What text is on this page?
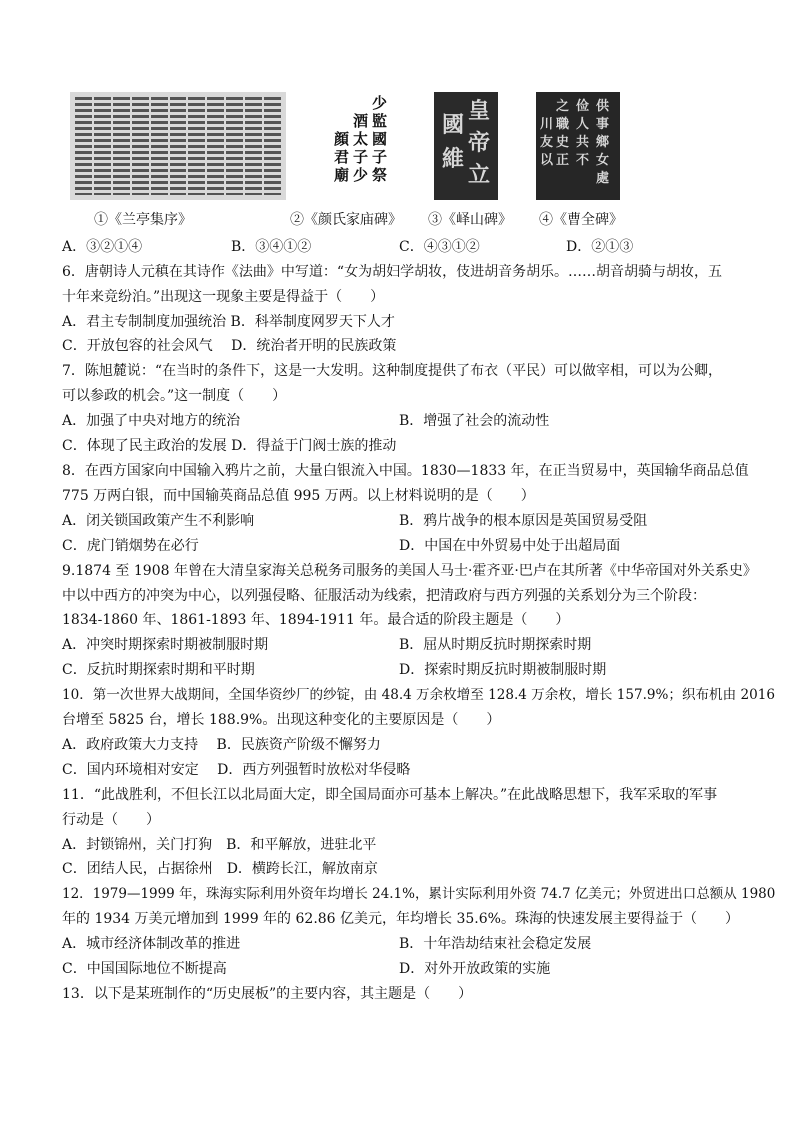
少
監
國
子
祭
酒
太
子
少
顔
君
廟
皇
帝
立
國
維
供
事
鄉
女
處
俭
人
共
不
之
職
史
正
川
友
以
①《兰亭集序》	②《颜氏家庙碑》 ③《峄山碑》 ④《曹全碑》
A．③②①④	B．③④①②	C．④③①②	D．②①③
6．唐朝诗人元稹在其诗作《法曲》中写道：“女为胡妇学胡妆，伎进胡音务胡乐。……胡音胡骑与胡妆，五
十年来竞纷泊。”出现这一现象主要是得益于（　　）
A．君主专制制度加强统治 B．科举制度网罗天下人才
C．开放包容的社会风气　 D．统治者开明的民族政策
7．陈旭麓说：“在当时的条件下，这是一大发明。这种制度提供了布衣（平民）可以做宰相，可以为公卿，
可以参政的机会。”这一制度（　　）
A．加强了中央对地方的统治	B．增强了社会的流动性
C．体现了民主政治的发展 D．得益于门阀士族的推动
8．在西方国家向中国输入鸦片之前，大量白银流入中国。1830—1833 年，在正当贸易中，英国输华商品总值
775 万两白银，而中国输英商品总值 995 万两。以上材料说明的是（　　）
A．闭关锁国政策产生不利影响	B．鸦片战争的根本原因是英国贸易受阻
C．虎门销烟势在必行	D．中国在中外贸易中处于出超局面
9.1874 至 1908 年曾在大清皇家海关总税务司服务的美国人马士·霍齐亚·巴卢在其所著《中华帝国对外关系史》
中以中西方的冲突为中心，以列强侵略、征服活动为线索，把清政府与西方列强的关系划分为三个阶段：
1834-1860 年、1861-1893 年、1894-1911 年。最合适的阶段主题是（　　）
A．冲突时期探索时期被制服时期	B．屈从时期反抗时期探索时期
C．反抗时期探索时期和平时期	D．探索时期反抗时期被制服时期
10．第一次世界大战期间，全国华资纱厂的纱锭，由 48.4 万余枚增至 128.4 万余枚，增长 157.9%；织布机由 2016
台增至 5825 台，增长 188.9%。出现这种变化的主要原因是（　　）
A．政府政策大力支持　 B．民族资产阶级不懈努力
C．国内环境相对安定　 D．西方列强暂时放松对华侵略
11．“此战胜利，不但长江以北局面大定，即全国局面亦可基本上解决。”在此战略思想下，我军采取的军事
行动是（　　）
A．封锁锦州，关门打狗　B．和平解放，进驻北平
C．团结人民，占据徐州　D．横跨长江，解放南京
12．1979—1999 年，珠海实际利用外资年均增长 24.1%，累计实际利用外资 74.7 亿美元；外贸进出口总额从 1980
年的 1934 万美元增加到 1999 年的 62.86 亿美元，年均增长 35.6%。珠海的快速发展主要得益于（　　）
A．城市经济体制改革的推进	B．十年浩劫结束社会稳定发展
C．中国国际地位不断提高	D．对外开放政策的实施
13．以下是某班制作的“历史展板”的主要内容，其主题是（　　）
